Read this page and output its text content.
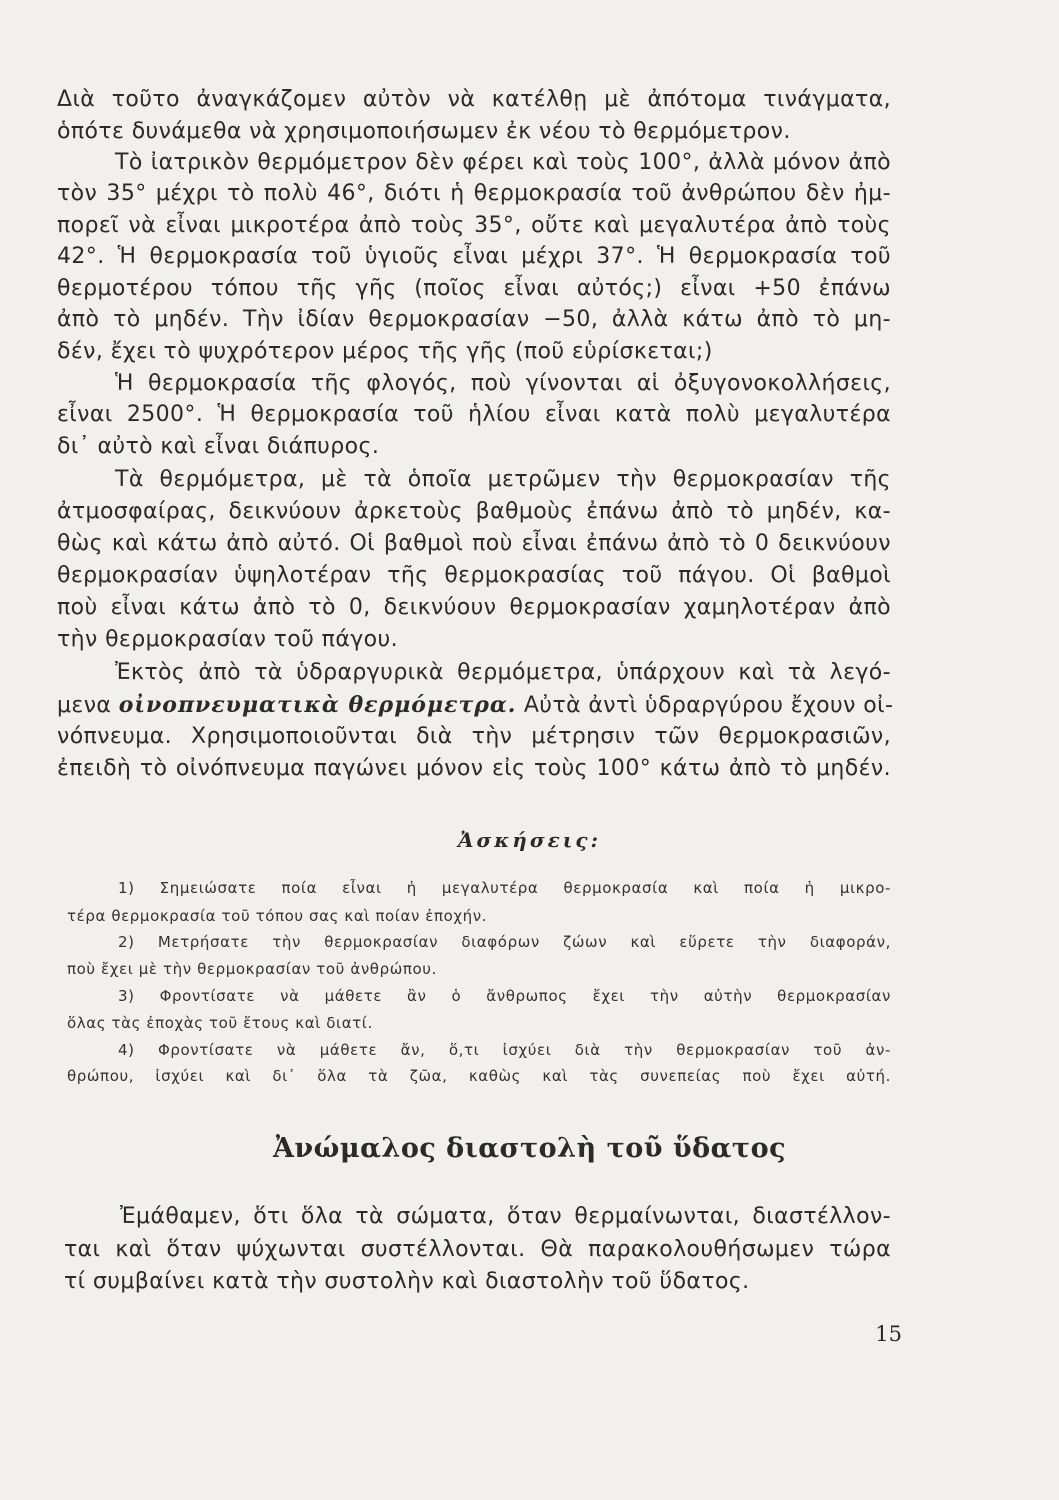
Διὰ τοῦτο ἀναγκάζομεν αὐτὸν νὰ κατέλθῃ μὲ ἀπότομα τινάγματα,
ὁπότε δυνάμεθα νὰ χρησιμοποιήσωμεν ἐκ νέου τὸ θερμόμετρον.
Τὸ ἰατρικὸν θερμόμετρον δὲν φέρει καὶ τοὺς 100°, ἀλλὰ μόνον ἀπὸ
τὸν 35° μέχρι τὸ πολὺ 46°, διότι ἡ θερμοκρασία τοῦ ἀνθρώπου δὲν ἠμ-
πορεῖ νὰ εἶναι μικροτέρα ἀπὸ τοὺς 35°, οὔτε καὶ μεγαλυτέρα ἀπὸ τοὺς
42°. Ἡ θερμοκρασία τοῦ ὑγιοῦς εἶναι μέχρι 37°. Ἡ θερμοκρασία τοῦ
θερμοτέρου τόπου τῆς γῆς (ποῖος εἶναι αὐτός;) εἶναι +50 ἐπάνω
ἀπὸ τὸ μηδέν. Τὴν ἰδίαν θερμοκρασίαν −50, ἀλλὰ κάτω ἀπὸ τὸ μη-
δέν, ἔχει τὸ ψυχρότερον μέρος τῆς γῆς (ποῦ εὑρίσκεται;)
Ἡ θερμοκρασία τῆς φλογός, ποὺ γίνονται αἱ ὀξυγονοκολλήσεις,
εἶναι 2500°. Ἡ θερμοκρασία τοῦ ἡλίου εἶναι κατὰ πολὺ μεγαλυτέρα
δι᾽ αὐτὸ καὶ εἶναι διάπυρος.
Τὰ θερμόμετρα, μὲ τὰ ὁποῖα μετρῶμεν τὴν θερμοκρασίαν τῆς
ἀτμοσφαίρας, δεικνύουν ἀρκετοὺς βαθμοὺς ἐπάνω ἀπὸ τὸ μηδέν, κα-
θὼς καὶ κάτω ἀπὸ αὐτό. Οἱ βαθμοὶ ποὺ εἶναι ἐπάνω ἀπὸ τὸ 0 δεικνύουν
θερμοκρασίαν ὑψηλοτέραν τῆς θερμοκρασίας τοῦ πάγου. Οἱ βαθμοὶ
ποὺ εἶναι κάτω ἀπὸ τὸ 0, δεικνύουν θερμοκρασίαν χαμηλοτέραν ἀπὸ
τὴν θερμοκρασίαν τοῦ πάγου.
Ἐκτὸς ἀπὸ τὰ ὑδραργυρικὰ θερμόμετρα, ὑπάρχουν καὶ τὰ λεγό-
μενα οἰνοπνευματικὰ θερμόμετρα. Αὐτὰ ἀντὶ ὑδραργύρου ἔχουν οἰ-
νόπνευμα. Χρησιμοποιοῦνται διὰ τὴν μέτρησιν τῶν θερμοκρασιῶν,
ἐπειδὴ τὸ οἰνόπνευμα παγώνει μόνον εἰς τοὺς 100° κάτω ἀπὸ τὸ μηδέν.
Ἀσκήσεις:
1) Σημειώσατε ποία εἶναι ἡ μεγαλυτέρα θερμοκρασία καὶ ποία ἡ μικρο-
τέρα θερμοκρασία τοῦ τόπου σας καὶ ποίαν ἐποχήν.
2) Μετρήσατε τὴν θερμοκρασίαν διαφόρων ζώων καὶ εὕρετε τὴν διαφοράν,
ποὺ ἔχει μὲ τὴν θερμοκρασίαν τοῦ ἀνθρώπου.
3) Φροντίσατε νὰ μάθετε ἂν ὁ ἄνθρωπος ἔχει τὴν αὐτὴν θερμοκρασίαν
ὅλας τὰς ἐποχὰς τοῦ ἔτους καὶ διατί.
4) Φροντίσατε νὰ μάθετε ἄν, ὅ,τι ἰσχύει διὰ τὴν θερμοκρασίαν τοῦ ἀν-
θρώπου, ἰσχύει καὶ δι᾽ ὅλα τὰ ζῶα, καθὼς καὶ τὰς συνεπείας ποὺ ἔχει αὐτή.
Ἀνώμαλος διαστολὴ τοῦ ὕδατος
Ἐμάθαμεν, ὅτι ὅλα τὰ σώματα, ὅταν θερμαίνωνται, διαστέλλον-
ται καὶ ὅταν ψύχωνται συστέλλονται. Θὰ παρακολουθήσωμεν τώρα
τί συμβαίνει κατὰ τὴν συστολὴν καὶ διαστολὴν τοῦ ὕδατος.
15
